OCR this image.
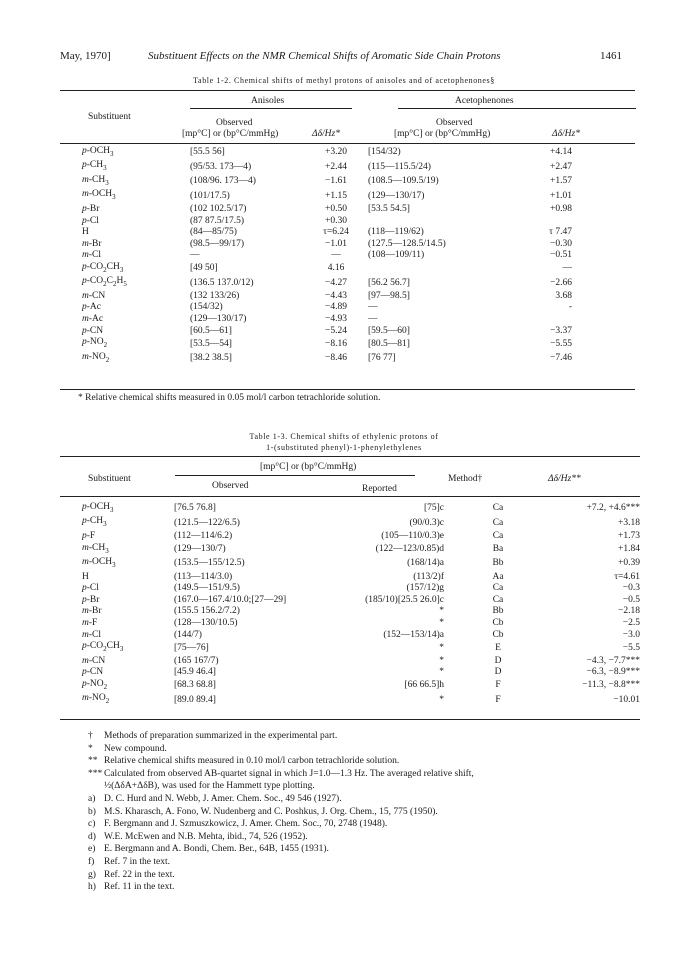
May, 1970]	Substituent Effects on the NMR Chemical Shifts of Aromatic Side Chain Protons	1461
Table 1-2. Chemical shifts of methyl protons of anisoles and of acetophenones§
Anisoles	Acetophenones
Substituent
Observed
[mp°C] or (bp°C/mmHg)	Δδ/Hz*
Observed
[mp°C] or (bp°C/mmHg)	Δδ/Hz*
$p-OCH_3$	[55.5 56]	+3.20	[154/32)	+4.14
$p-CH_3$	(95/53. 173—4)	+2.44	(115—115.5/24)	+2.47
$m-CH_3$	(108/96. 173—4)	−1.61	(108.5—109.5/19)	+1.57
$m-OCH_3$	(101/17.5)	+1.15	(129—130/17)	+1.01
p-Br	(102 102.5/17)	+0.50	[53.5 54.5]	+0.98
p-Cl	(87 87.5/17.5)	+0.30		
H	(84—85/75)	τ=6.24	(118—119/62)	τ 7.47
m-Br	(98.5—99/17)	−1.01	(127.5—128.5/14.5)	−0.30
m-Cl	—	—	(108—109/11)	−0.51
$p-CO_2CH_3$	[49 50]	4.16		—
$p-CO_2C_2H_5$	(136.5 137.0/12)	−4.27	[56.2 56.7]	−2.66
m-CN	(132 133/26)	−4.43	[97—98.5]	3.68
p-Ac	(154/32)	−4.89	—	-
m-Ac	(129—130/17)	−4.93	—	
p-CN	[60.5—61]	−5.24	[59.5—60]	−3.37
$p-NO_2$	[53.5—54]	−8.16	[80.5—81]	−5.55
$m-NO_2$	[38.2 38.5]	−8.46	[76 77]	−7.46
* Relative chemical shifts measured in 0.05 mol/l carbon tetrachloride solution.
Table 1-3. Chemical shifts of ethylenic protons of
1-(substituted phenyl)-1-phenylethylenes
[mp°C] or (bp°C/mmHg)
Substituent
Observed	Reported
Method†	Δδ/Hz**
$p-OCH_3$	[76.5 76.8]	[75]c	Ca	+7.2, +4.6***
$p-CH_3$	(121.5—122/6.5)	(90/0.3)c	Ca	+3.18
p-F	(112—114/6.2)	(105—110/0.3)e	Ca	+1.73
$m-CH_3$	(129—130/7)	(122—123/0.85)d	Ba	+1.84
$m-OCH_3$	(153.5—155/12.5)	(168/14)a	Bb	+0.39
H	(113—114/3.0)	(113/2)f	Aa	τ=4.61
p-Cl	(149.5—151/9.5)	(157/12)g	Ca	−0.3
p-Br	(167.0—167.4/10.0;[27—29]	(185/10)[25.5 26.0]c	Ca	−0.5
m-Br	(155.5 156.2/7.2)	*	Bb	−2.18
m-F	(128—130/10.5)	*	Cb	−2.5
m-Cl	(144/7)	(152—153/14)a	Cb	−3.0
$p-CO_2CH_3$	[75—76]	*	E	−5.5
m-CN	(165 167/7)	*	D	−4.3, −7.7***
p-CN	[45.9 46.4]	*	D	−6.3, −8.9***
$p-NO_2$	[68.3 68.8]	[66 66.5]h	F	−11.3, −8.8***
$m-NO_2$	[89.0 89.4]	*	F	−10.01
† Methods of preparation summarized in the experimental part.
* New compound.
** Relative chemical shifts measured in 0.10 mol/l carbon tetrachloride solution.
*** Calculated from observed AB-quartet signal in which J=1.0—1.3 Hz. The averaged relative shift,
½(ΔδA+ΔδB), was used for the Hammett type plotting.
a) D. C. Hurd and N. Webb, J. Amer. Chem. Soc., 49 546 (1927).
b) M.S. Kharasch, A. Fono, W. Nudenberg and C. Poshkus, J. Org. Chem., 15, 775 (1950).
c) F. Bergmann and J. Szmuszkowicz, J. Amer. Chem. Soc., 70, 2748 (1948).
d) W.E. McEwen and N.B. Mehta, ibid., 74, 526 (1952).
e) E. Bergmann and A. Bondi, Chem. Ber., 64B, 1455 (1931).
f) Ref. 7 in the text.
g) Ref. 22 in the text.
h) Ref. 11 in the text.
